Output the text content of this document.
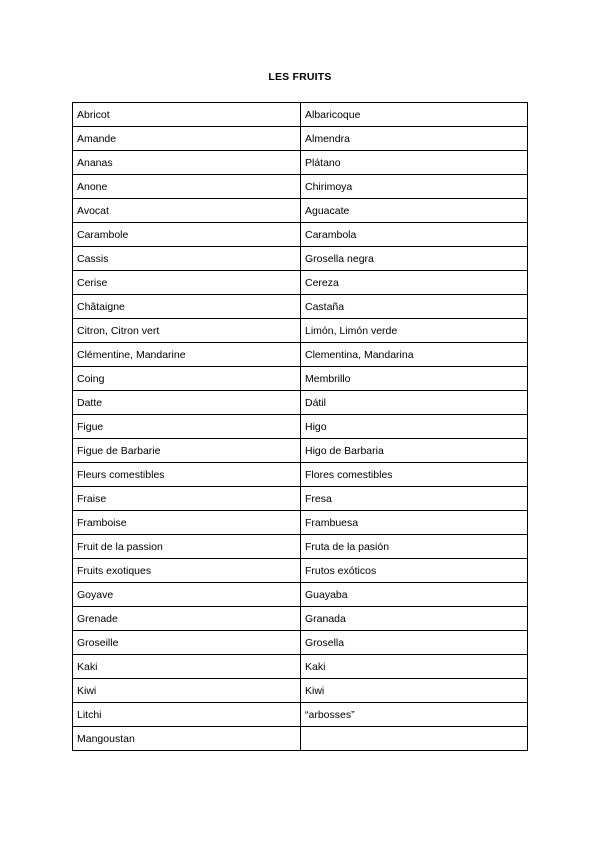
LES FRUITS
Abricot	Albaricoque
Amande	Almendra
Ananas	Plátano
Anone	Chirimoya
Avocat	Aguacate
Carambole	Carambola
Cassis	Grosella negra
Cerise	Cereza
Châtaigne	Castaña
Citron, Citron vert	Limón, Limón verde
Clémentine, Mandarine	Clementina, Mandarina
Coing	Membrillo
Datte	Dátil
Figue	Higo
Figue de Barbarie	Higo de Barbaria
Fleurs comestibles	Flores comestibles
Fraise	Fresa
Framboise	Frambuesa
Fruit de la passion	Fruta de la pasión
Fruits exotiques	Frutos exóticos
Goyave	Guayaba
Grenade	Granada
Groseille	Grosella
Kaki	Kaki
Kiwi	Kiwi
Litchi	“arbosses”
Mangoustan	
